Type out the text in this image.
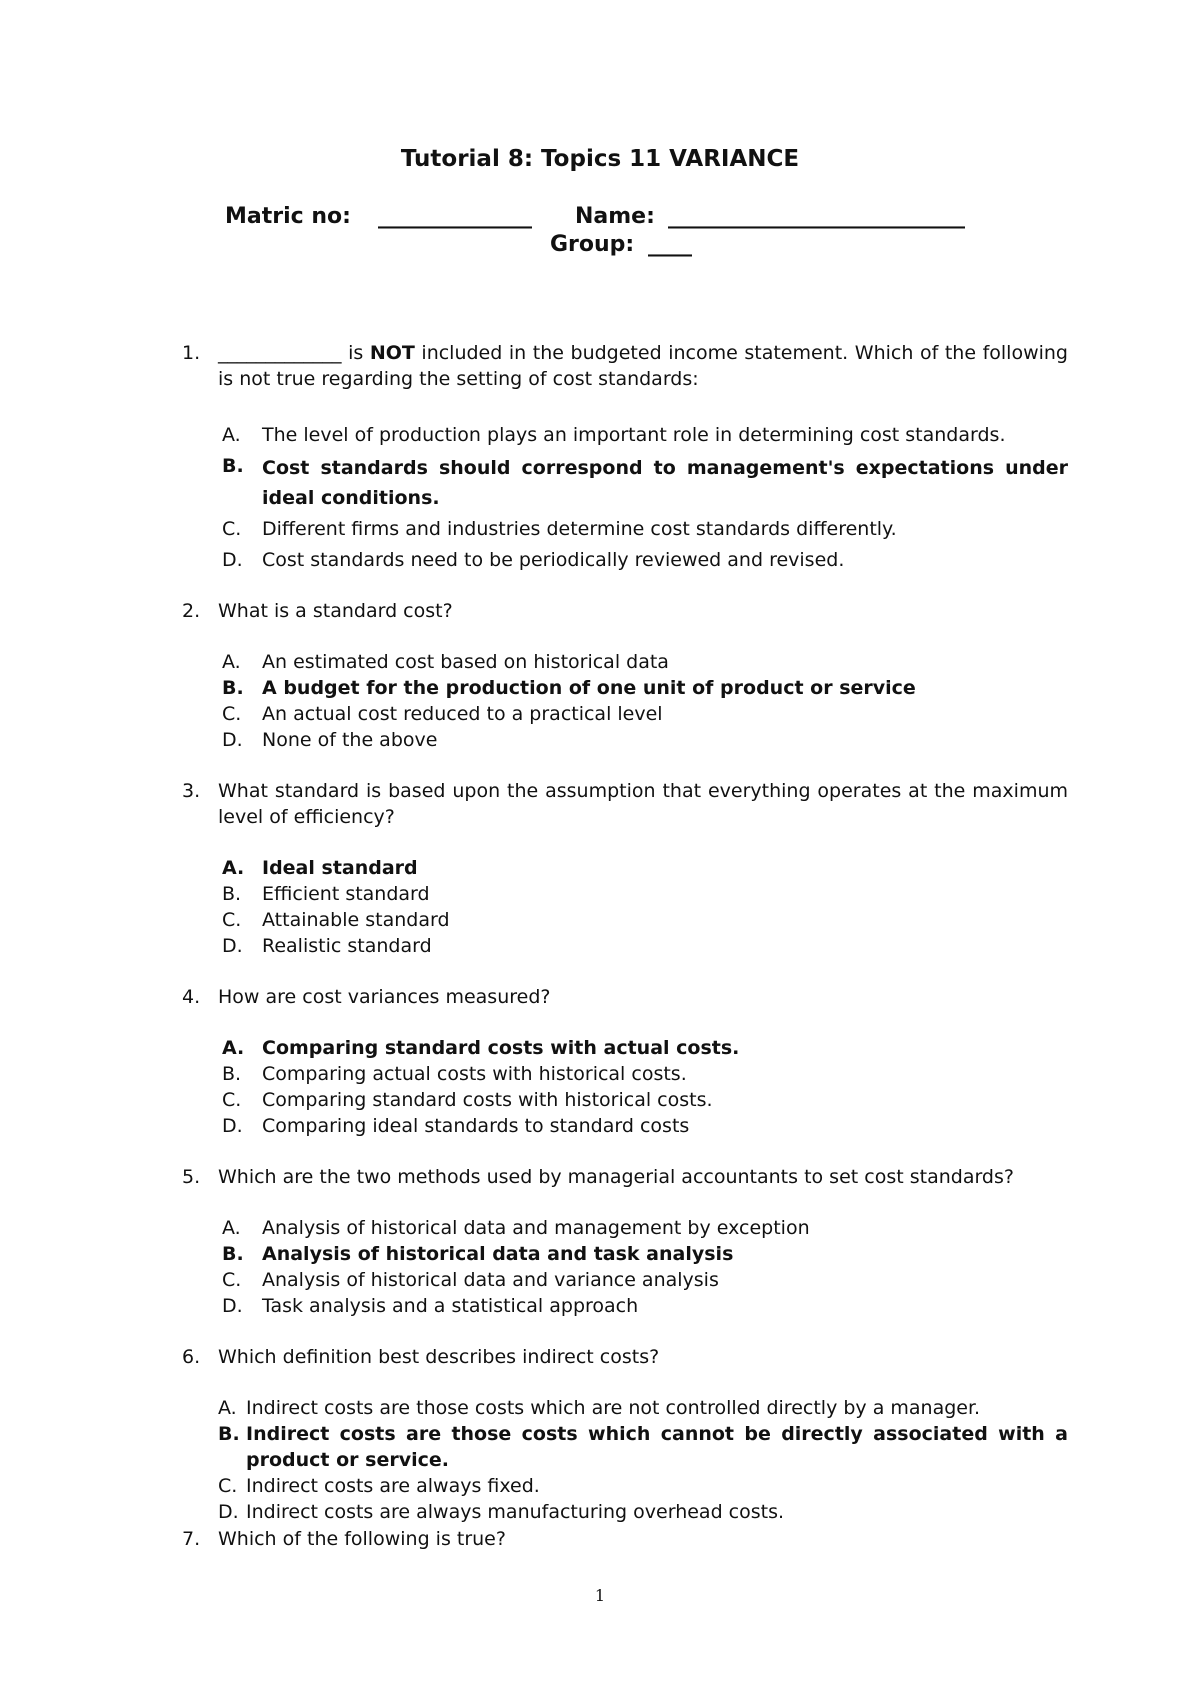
Tutorial 8: Topics 11 VARIANCE
Matric no: ______________ Name: ___________________________
Group: ____
1. _____________ is NOT included in the budgeted income statement. Which of the following is not true regarding the setting of cost standards:
A. The level of production plays an important role in determining cost standards.
B. Cost standards should correspond to management's expectations under ideal conditions.
C. Different firms and industries determine cost standards differently.
D. Cost standards need to be periodically reviewed and revised.
2. What is a standard cost?
A. An estimated cost based on historical data
B. A budget for the production of one unit of product or service
C. An actual cost reduced to a practical level
D. None of the above
3. What standard is based upon the assumption that everything operates at the maximum level of efficiency?
A. Ideal standard
B. Efficient standard
C. Attainable standard
D. Realistic standard
4. How are cost variances measured?
A. Comparing standard costs with actual costs.
B. Comparing actual costs with historical costs.
C. Comparing standard costs with historical costs.
D. Comparing ideal standards to standard costs
5. Which are the two methods used by managerial accountants to set cost standards?
A. Analysis of historical data and management by exception
B. Analysis of historical data and task analysis
C. Analysis of historical data and variance analysis
D. Task analysis and a statistical approach
6. Which definition best describes indirect costs?
A. Indirect costs are those costs which are not controlled directly by a manager.
B. Indirect costs are those costs which cannot be directly associated with a product or service.
C. Indirect costs are always fixed.
D. Indirect costs are always manufacturing overhead costs.
7. Which of the following is true?
1
